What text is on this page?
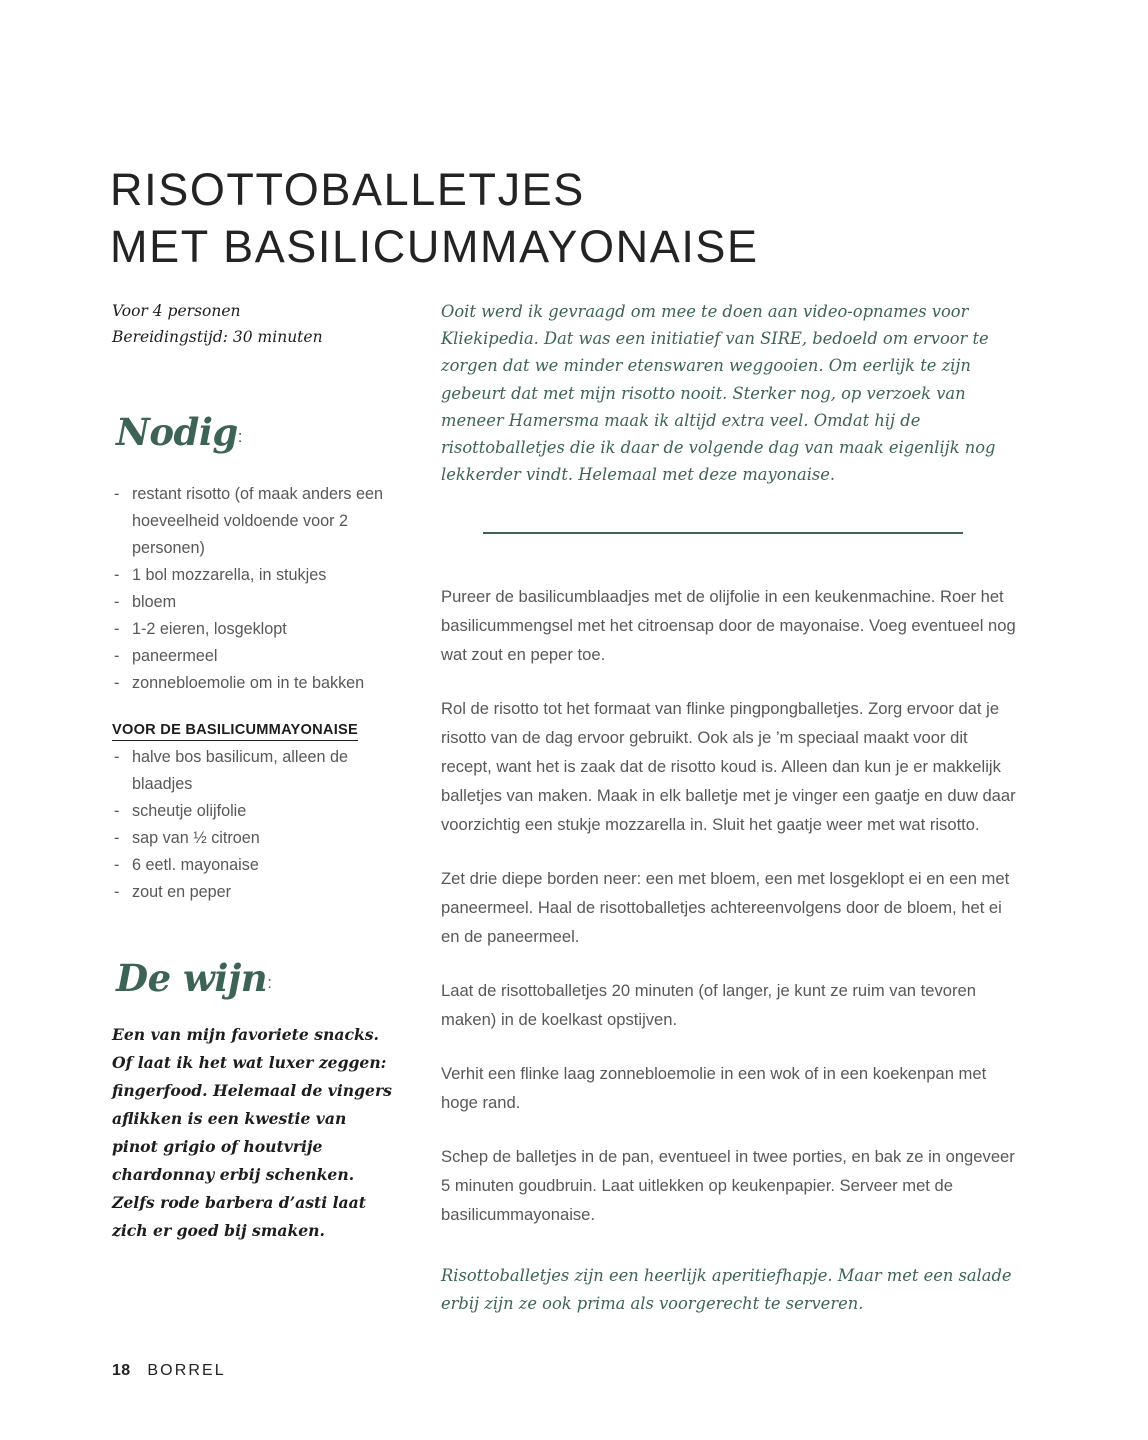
RISOTTOBALLETJES
MET BASILICUMMAYONAISE
Voor 4 personen
Bereidingstijd: 30 minuten
Nodig:
- restant risotto (of maak anders een hoeveelheid voldoende voor 2 personen)
- 1 bol mozzarella, in stukjes
- bloem
- 1-2 eieren, losgeklopt
- paneermeel
- zonnebloemolie om in te bakken
VOOR DE BASILICUMMAYONAISE
- halve bos basilicum, alleen de blaadjes
- scheutje olijfolie
- sap van ½ citroen
- 6 eetl. mayonaise
- zout en peper
De wijn:

Een van mijn favoriete snacks. Of laat ik het wat luxer zeggen: fingerfood. Helemaal de vingers aflikken is een kwestie van pinot grigio of houtvrije chardonnay erbij schenken. Zelfs rode barbera d’asti laat zich er goed bij smaken.

Ooit werd ik gevraagd om mee te doen aan video-opnames voor Kliekipedia. Dat was een initiatief van SIRE, bedoeld om ervoor te zorgen dat we minder etenswaren weggooien. Om eerlijk te zijn gebeurt dat met mijn risotto nooit. Sterker nog, op verzoek van meneer Hamersma maak ik altijd extra veel. Omdat hij de risottoballetjes die ik daar de volgende dag van maak eigenlijk nog lekkerder vindt. Helemaal met deze mayonaise.

Pureer de basilicumblaadjes met de olijfolie in een keukenmachine. Roer het basilicummengsel met het citroensap door de mayonaise. Voeg eventueel nog wat zout en peper toe.

Rol de risotto tot het formaat van flinke pingpongballetjes. Zorg ervoor dat je risotto van de dag ervoor gebruikt. Ook als je ’m speciaal maakt voor dit recept, want het is zaak dat de risotto koud is. Alleen dan kun je er makkelijk balletjes van maken. Maak in elk balletje met je vinger een gaatje en duw daar voorzichtig een stukje mozzarella in. Sluit het gaatje weer met wat risotto.

Zet drie diepe borden neer: een met bloem, een met losgeklopt ei en een met paneermeel. Haal de risottoballetjes achtereenvolgens door de bloem, het ei en de paneermeel.

Laat de risottoballetjes 20 minuten (of langer, je kunt ze ruim van tevoren maken) in de koelkast opstijven.

Verhit een flinke laag zonnebloemolie in een wok of in een koekenpan met hoge rand.

Schep de balletjes in de pan, eventueel in twee porties, en bak ze in ongeveer 5 minuten goudbruin. Laat uitlekken op keukenpapier. Serveer met de basilicummayonaise.

Risottoballetjes zijn een heerlijk aperitiefhapje. Maar met een salade erbij zijn ze ook prima als voorgerecht te serveren.

18 BORREL
